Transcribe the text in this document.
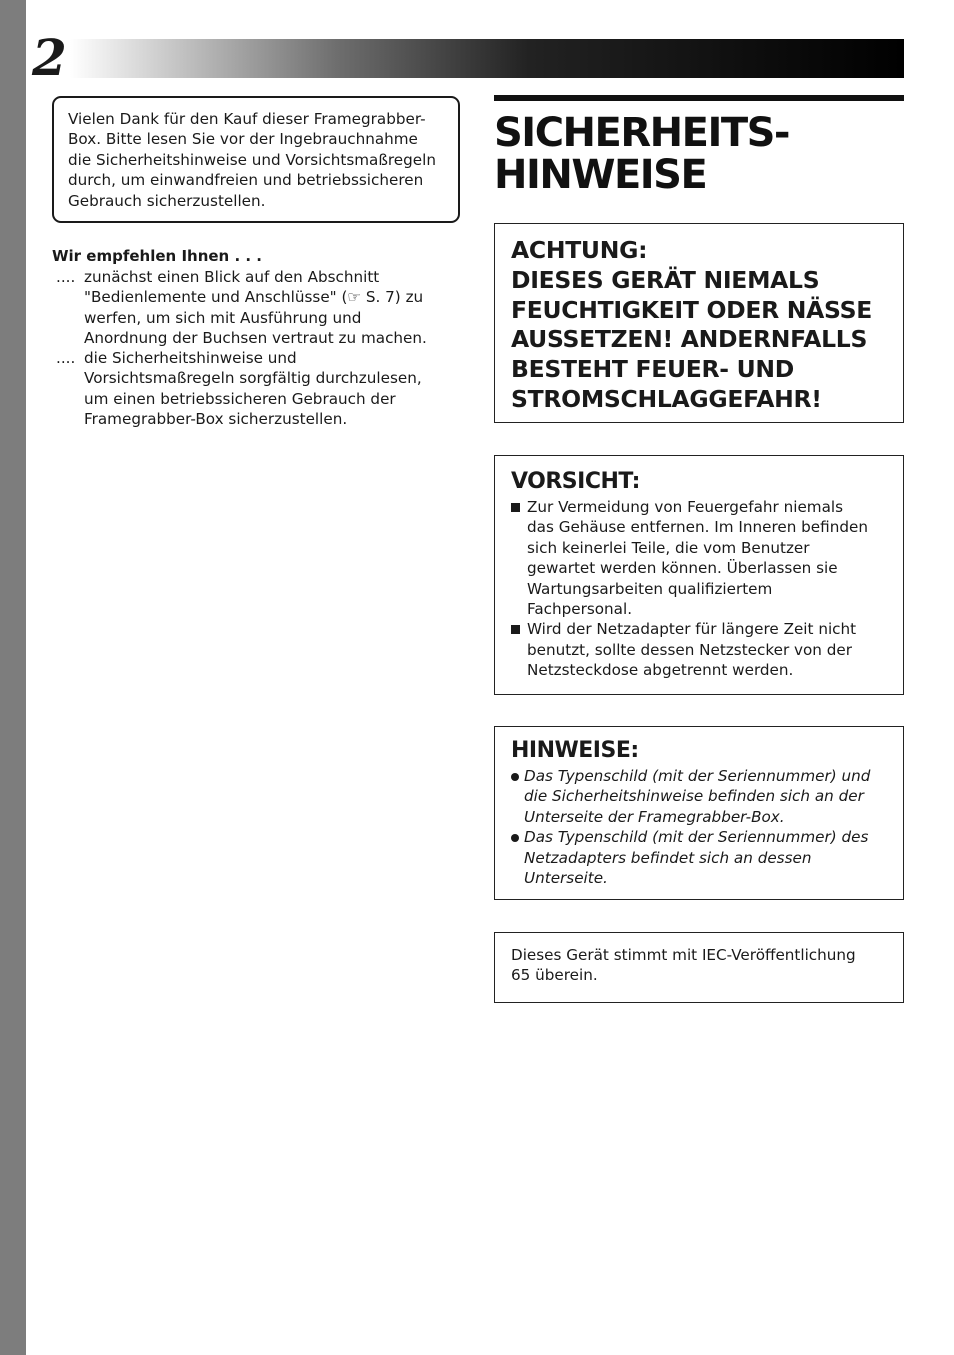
2

Vielen Dank für den Kauf dieser Framegrabber-

Box. Bitte lesen Sie vor der Ingebrauchnahme

die Sicherheitshinweise und Vorsichtsmaßregeln

durch, um einwandfreien und betriebssicheren

Gebrauch sicherzustellen.

Wir empfehlen Ihnen . . .
.... zunächst einen Blick auf den Abschnitt
"Bedienlemente und Anschlüsse" (☞ S. 7) zu
werfen, um sich mit Ausführung und
Anordnung der Buchsen vertraut zu machen.
.... die Sicherheitshinweise und
Vorsichtsmaßregeln sorgfältig durchzulesen,
um einen betriebssicheren Gebrauch der
Framegrabber-Box sicherzustellen.
SICHERHEITS-
HINWEISE
ACHTUNG:
DIESES GERÄT NIEMALS
FEUCHTIGKEIT ODER NÄSSE
AUSSETZEN! ANDERNFALLS
BESTEHT FEUER- UND
STROMSCHLAGGEFAHR!
VORSICHT:
Zur Vermeidung von Feuergefahr niemals
das Gehäuse entfernen. Im Inneren befinden
sich keinerlei Teile, die vom Benutzer
gewartet werden können. Überlassen sie
Wartungsarbeiten qualifiziertem
Fachpersonal.
Wird der Netzadapter für längere Zeit nicht
benutzt, sollte dessen Netzstecker von der
Netzsteckdose abgetrennt werden.
HINWEISE:
Das Typenschild (mit der Seriennummer) und
die Sicherheitshinweise befinden sich an der
Unterseite der Framegrabber-Box.
Das Typenschild (mit der Seriennummer) des
Netzadapters befindet sich an dessen
Unterseite.

Dieses Gerät stimmt mit IEC-Veröffentlichung

65 überein.
